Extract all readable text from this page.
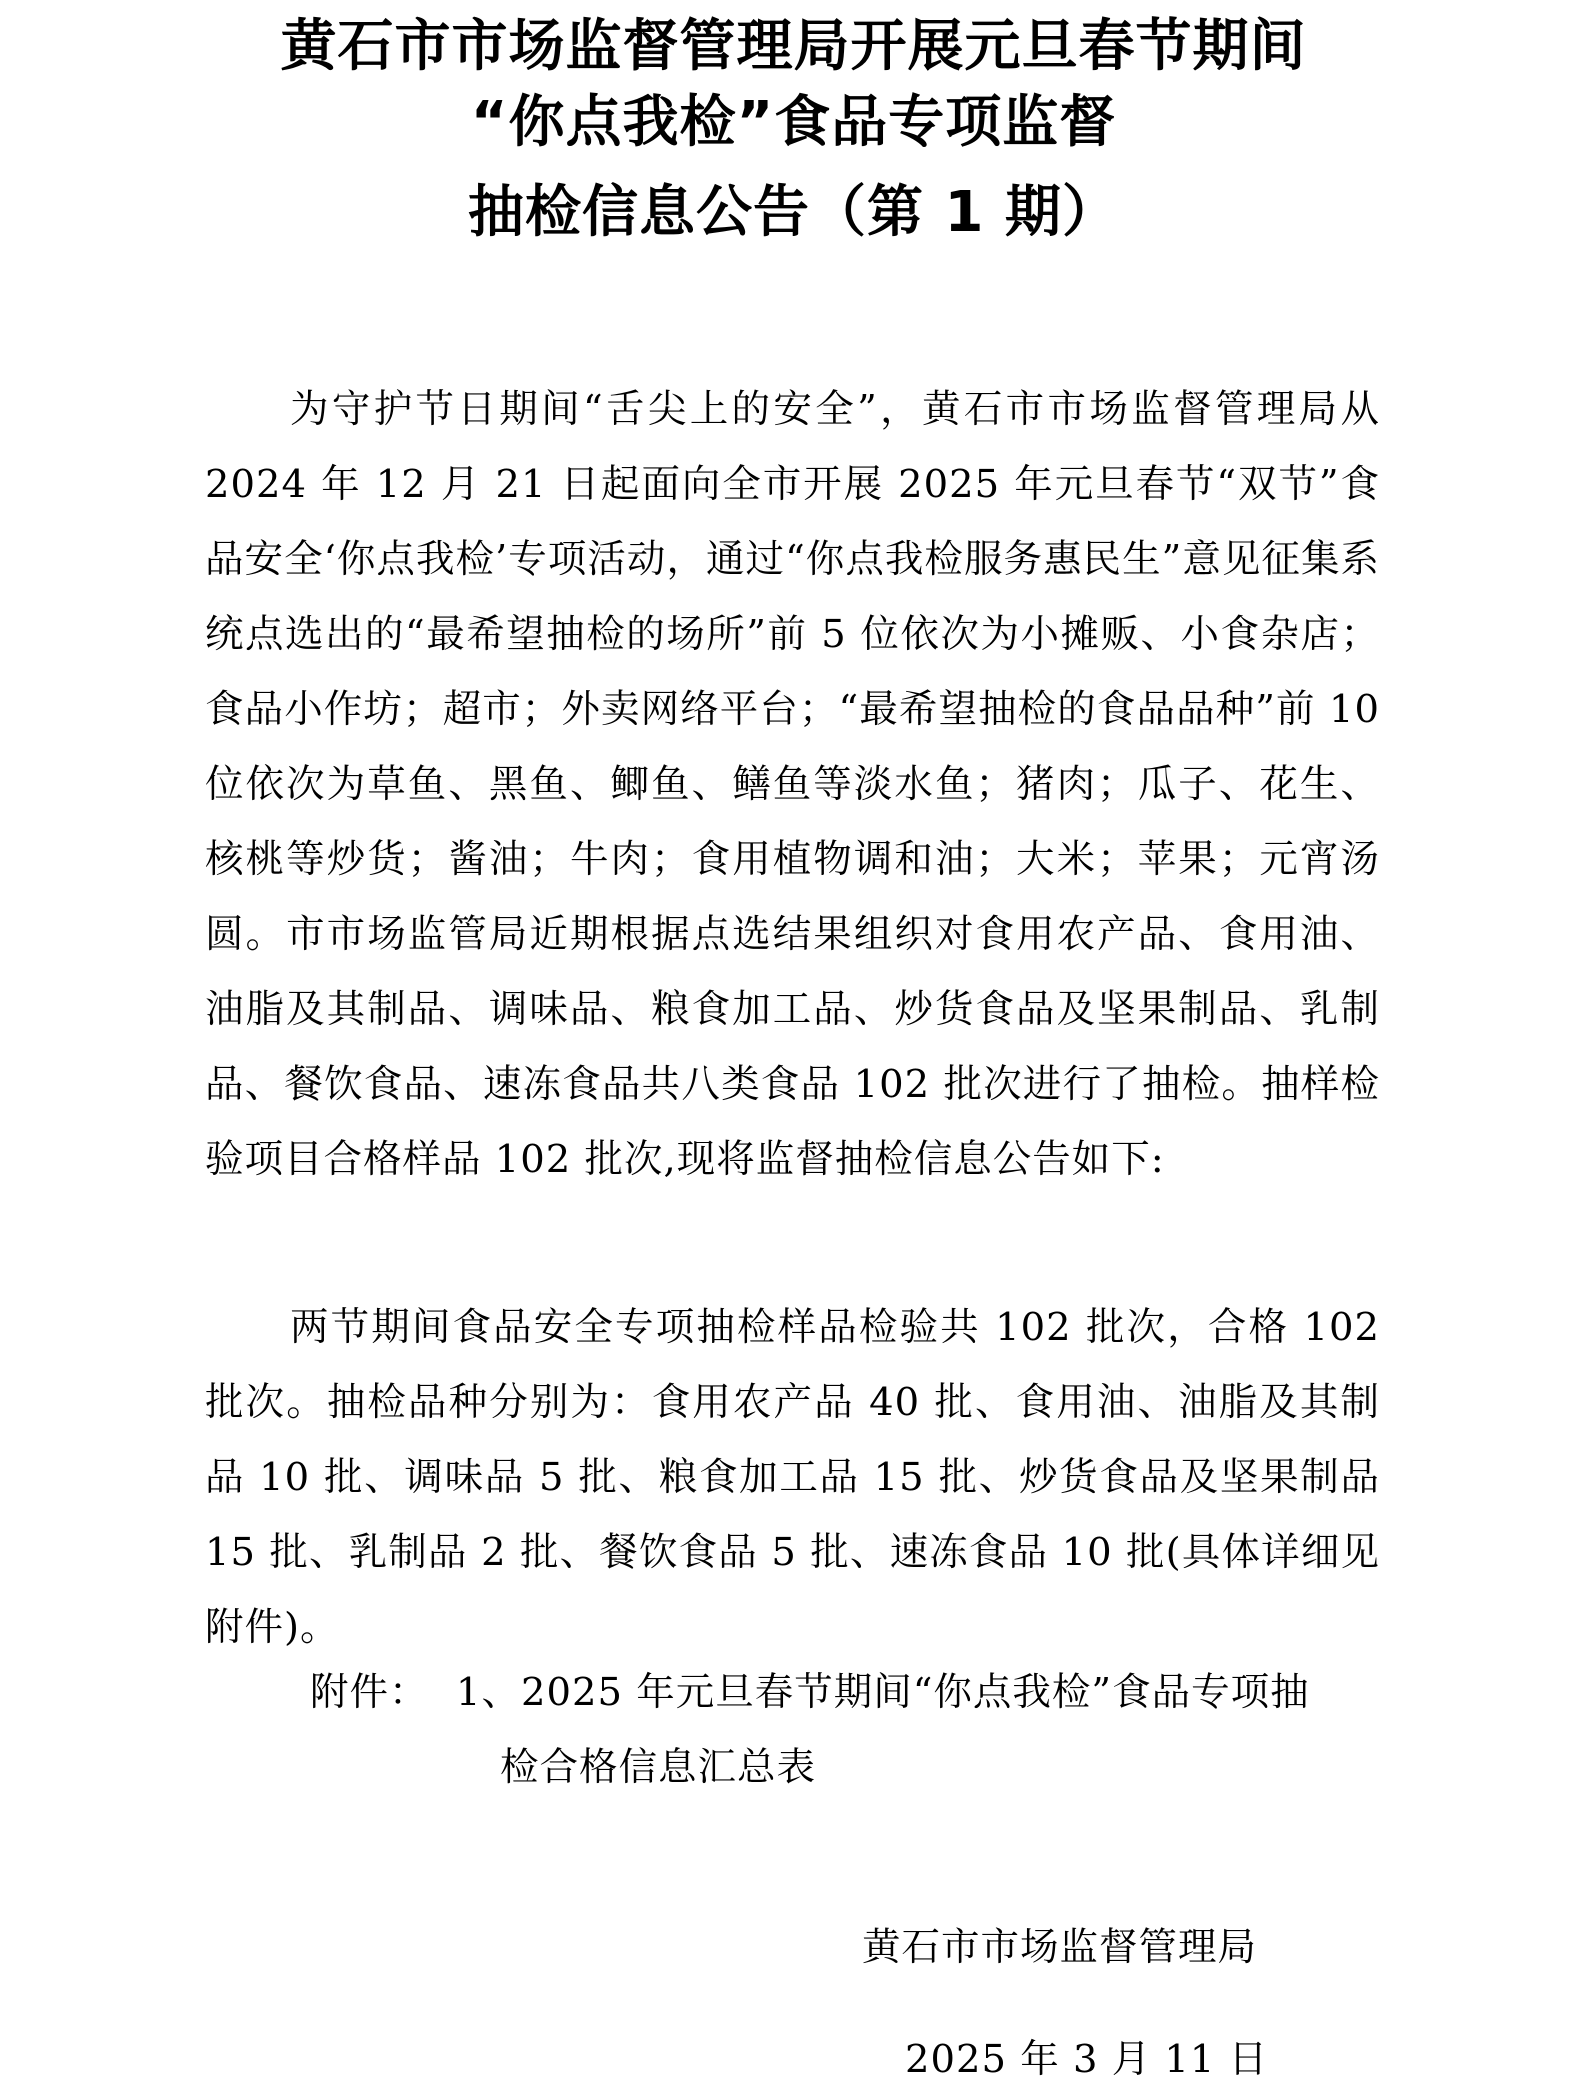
黄石市市场监督管理局开展元旦春节期间
“你点我检”食品专项监督
抽检信息公告（第 1 期）
为守护节日期间“舌尖上的安全”，黄石市市场监督管理局从 2024 年 12 月 21 日起面向全市开展 2025 年元旦春节“双节”食品安全‘你点我检’专项活动，通过“你点我检服务惠民生”意见征集系统点选出的“最希望抽检的场所”前 5 位依次为小摊贩、小食杂店；食品小作坊；超市；外卖网络平台；“最希望抽检的食品品种”前 10 位依次为草鱼、黑鱼、鲫鱼、鳝鱼等淡水鱼；猪肉；瓜子、花生、核桃等炒货；酱油；牛肉；食用植物调和油；大米；苹果；元宵汤圆。市市场监管局近期根据点选结果组织对食用农产品、食用油、油脂及其制品、调味品、粮食加工品、炒货食品及坚果制品、乳制品、餐饮食品、速冻食品共八类食品 102 批次进行了抽检。抽样检验项目合格样品 102 批次,现将监督抽检信息公告如下:
两节期间食品安全专项抽检样品检验共 102 批次，合格 102 批次。抽检品种分别为：食用农产品 40 批、食用油、油脂及其制品 10 批、调味品 5 批、粮食加工品 15 批、炒货食品及坚果制品 15 批、乳制品 2 批、餐饮食品 5 批、速冻食品 10 批(具体详细见附件)。
附件： 1、2025 年元旦春节期间“你点我检”食品专项抽
检合格信息汇总表
黄石市市场监督管理局
2025 年 3 月 11 日
